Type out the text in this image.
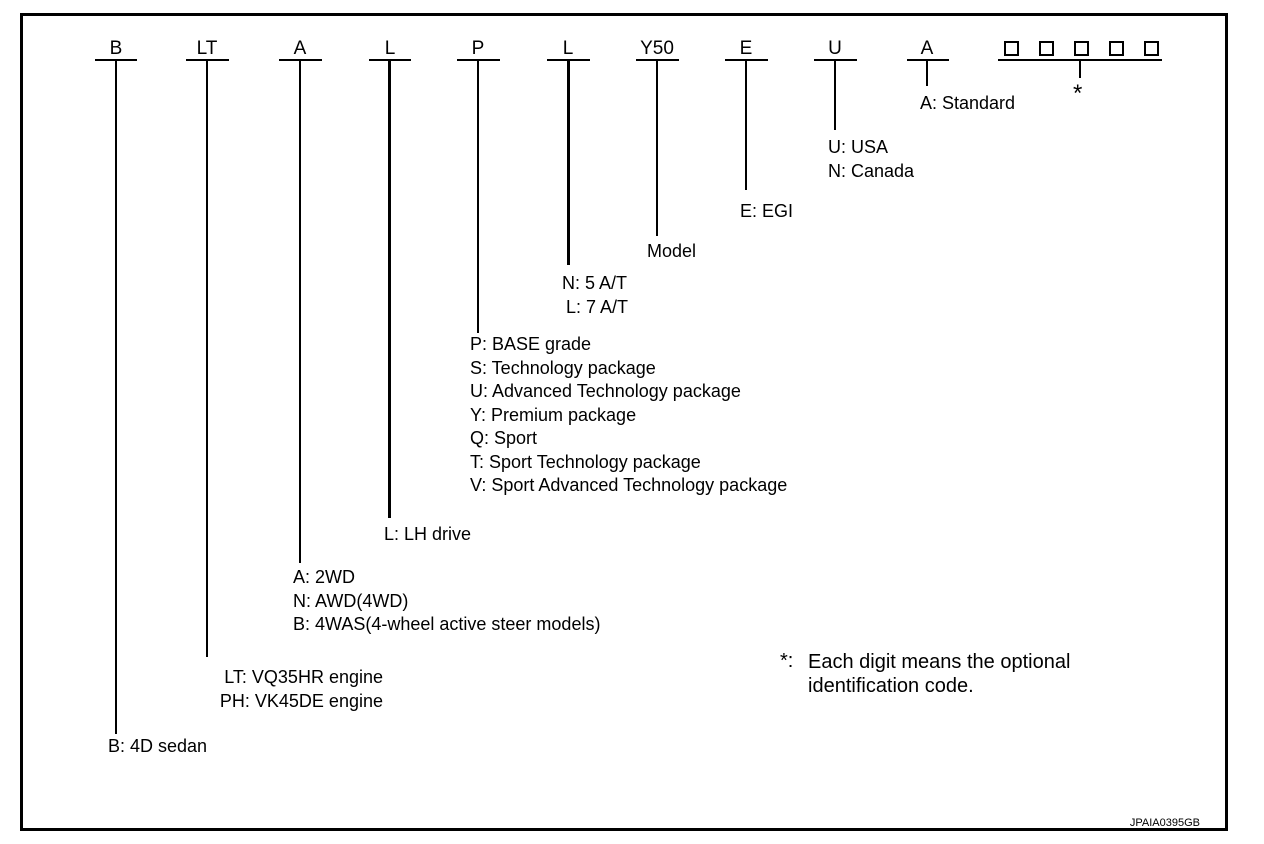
B	LT	A	L	P	L	Y50	E	U	A
*
B: 4D sedan
LT: VQ35HR engine
PH: VK45DE engine
A: 2WD
N: AWD(4WD)
B: 4WAS(4-wheel active steer models)
L: LH drive
P: BASE grade
S: Technology package
U: Advanced Technology package
Y: Premium package
Q: Sport
T: Sport Technology package
V: Sport Advanced Technology package
N: 5 A/T
L: 7 A/T
Model
E: EGI
U: USA
N: Canada
A: Standard
*: Each digit means the optional
identification code.
JPAIA0395GB
